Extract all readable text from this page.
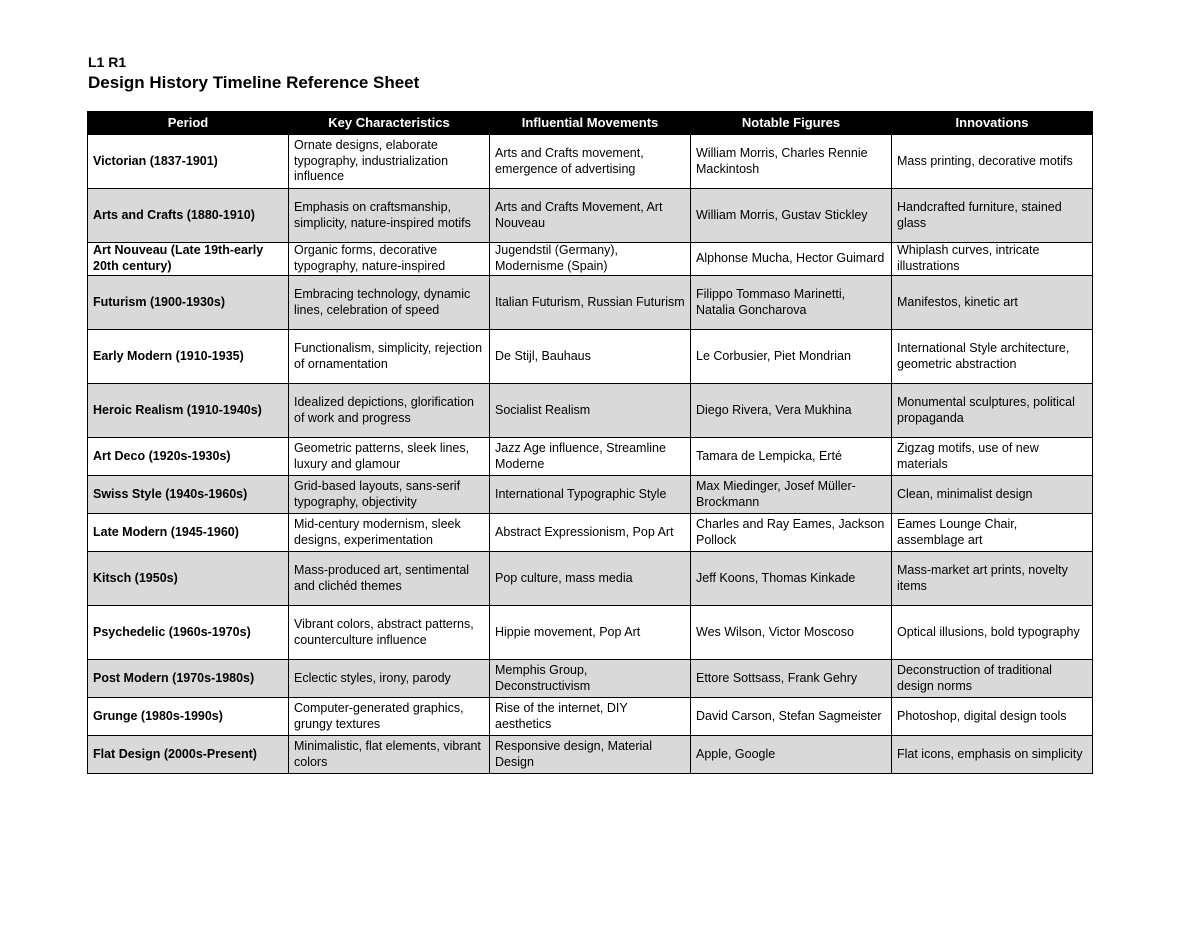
L1 R1
Design History Timeline Reference Sheet
Period	Key Characteristics	Influential Movements	Notable Figures	Innovations
Victorian (1837-1901)	Ornate designs, elaborate typography, industrialization influence	Arts and Crafts movement, emergence of advertising	William Morris, Charles Rennie Mackintosh	Mass printing, decorative motifs
Arts and Crafts (1880-1910)	Emphasis on craftsmanship, simplicity, nature-inspired motifs	Arts and Crafts Movement, Art Nouveau	William Morris, Gustav Stickley	Handcrafted furniture, stained glass
Art Nouveau (Late 19th-early 20th century)	Organic forms, decorative typography, nature-inspired	Jugendstil (Germany), Modernisme (Spain)	Alphonse Mucha, Hector Guimard	Whiplash curves, intricate illustrations
Futurism (1900-1930s)	Embracing technology, dynamic lines, celebration of speed	Italian Futurism, Russian Futurism	Filippo Tommaso Marinetti, Natalia Goncharova	Manifestos, kinetic art
Early Modern (1910-1935)	Functionalism, simplicity, rejection of ornamentation	De Stijl, Bauhaus	Le Corbusier, Piet Mondrian	International Style architecture, geometric abstraction
Heroic Realism (1910-1940s)	Idealized depictions, glorification of work and progress	Socialist Realism	Diego Rivera, Vera Mukhina	Monumental sculptures, political propaganda
Art Deco (1920s-1930s)	Geometric patterns, sleek lines, luxury and glamour	Jazz Age influence, Streamline Moderne	Tamara de Lempicka, Erté	Zigzag motifs, use of new materials
Swiss Style (1940s-1960s)	Grid-based layouts, sans-serif typography, objectivity	International Typographic Style	Max Miedinger, Josef Müller-Brockmann	Clean, minimalist design
Late Modern (1945-1960)	Mid-century modernism, sleek designs, experimentation	Abstract Expressionism, Pop Art	Charles and Ray Eames, Jackson Pollock	Eames Lounge Chair, assemblage art
Kitsch (1950s)	Mass-produced art, sentimental and clichéd themes	Pop culture, mass media	Jeff Koons, Thomas Kinkade	Mass-market art prints, novelty items
Psychedelic (1960s-1970s)	Vibrant colors, abstract patterns, counterculture influence	Hippie movement, Pop Art	Wes Wilson, Victor Moscoso	Optical illusions, bold typography
Post Modern (1970s-1980s)	Eclectic styles, irony, parody	Memphis Group, Deconstructivism	Ettore Sottsass, Frank Gehry	Deconstruction of traditional design norms
Grunge (1980s-1990s)	Computer-generated graphics, grungy textures	Rise of the internet, DIY aesthetics	David Carson, Stefan Sagmeister	Photoshop, digital design tools
Flat Design (2000s-Present)	Minimalistic, flat elements, vibrant colors	Responsive design, Material Design	Apple, Google	Flat icons, emphasis on simplicity
